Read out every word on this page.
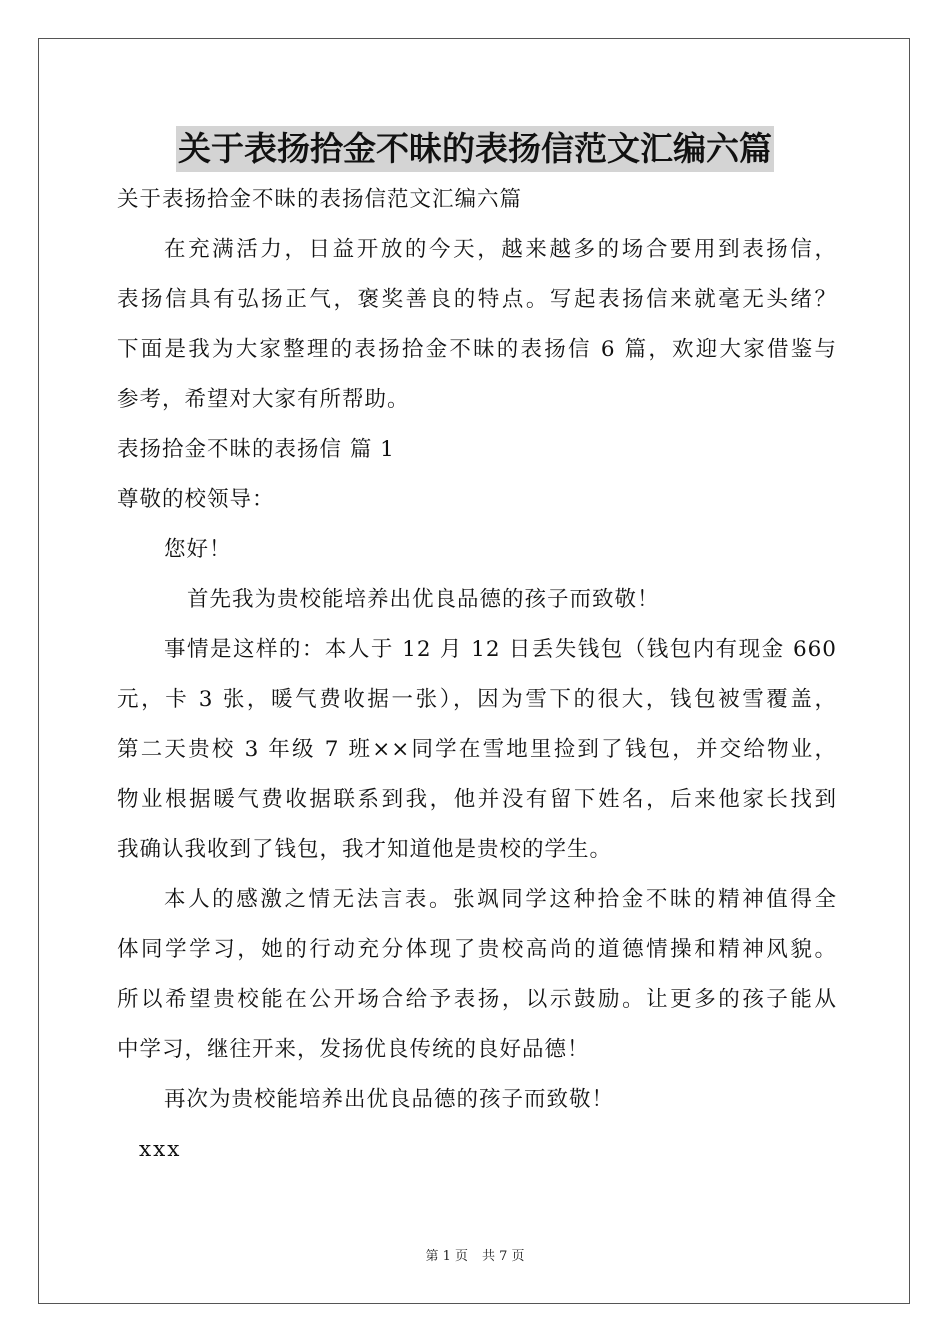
关于表扬拾金不昧的表扬信范文汇编六篇
关于表扬拾金不昧的表扬信范文汇编六篇
在充满活力，日益开放的今天，越来越多的场合要用到表扬信，
表扬信具有弘扬正气，褒奖善良的特点。写起表扬信来就毫无头绪？
下面是我为大家整理的表扬拾金不昧的表扬信 6 篇，欢迎大家借鉴与
参考，希望对大家有所帮助。
表扬拾金不昧的表扬信 篇 1
尊敬的校领导：
您好！
首先我为贵校能培养出优良品德的孩子而致敬！
事情是这样的：本人于 12 月 12 日丢失钱包（钱包内有现金 660
元，卡 3 张，暖气费收据一张），因为雪下的很大，钱包被雪覆盖，
第二天贵校 3 年级 7 班××同学在雪地里捡到了钱包，并交给物业，
物业根据暖气费收据联系到我，他并没有留下姓名，后来他家长找到
我确认我收到了钱包，我才知道他是贵校的学生。
本人的感激之情无法言表。张飒同学这种拾金不昧的精神值得全
体同学学习，她的行动充分体现了贵校高尚的道德情操和精神风貌。
所以希望贵校能在公开场合给予表扬，以示鼓励。让更多的孩子能从
中学习，继往开来，发扬优良传统的良好品德！
再次为贵校能培养出优良品德的孩子而致敬！
xxx
第 1 页 共 7 页
